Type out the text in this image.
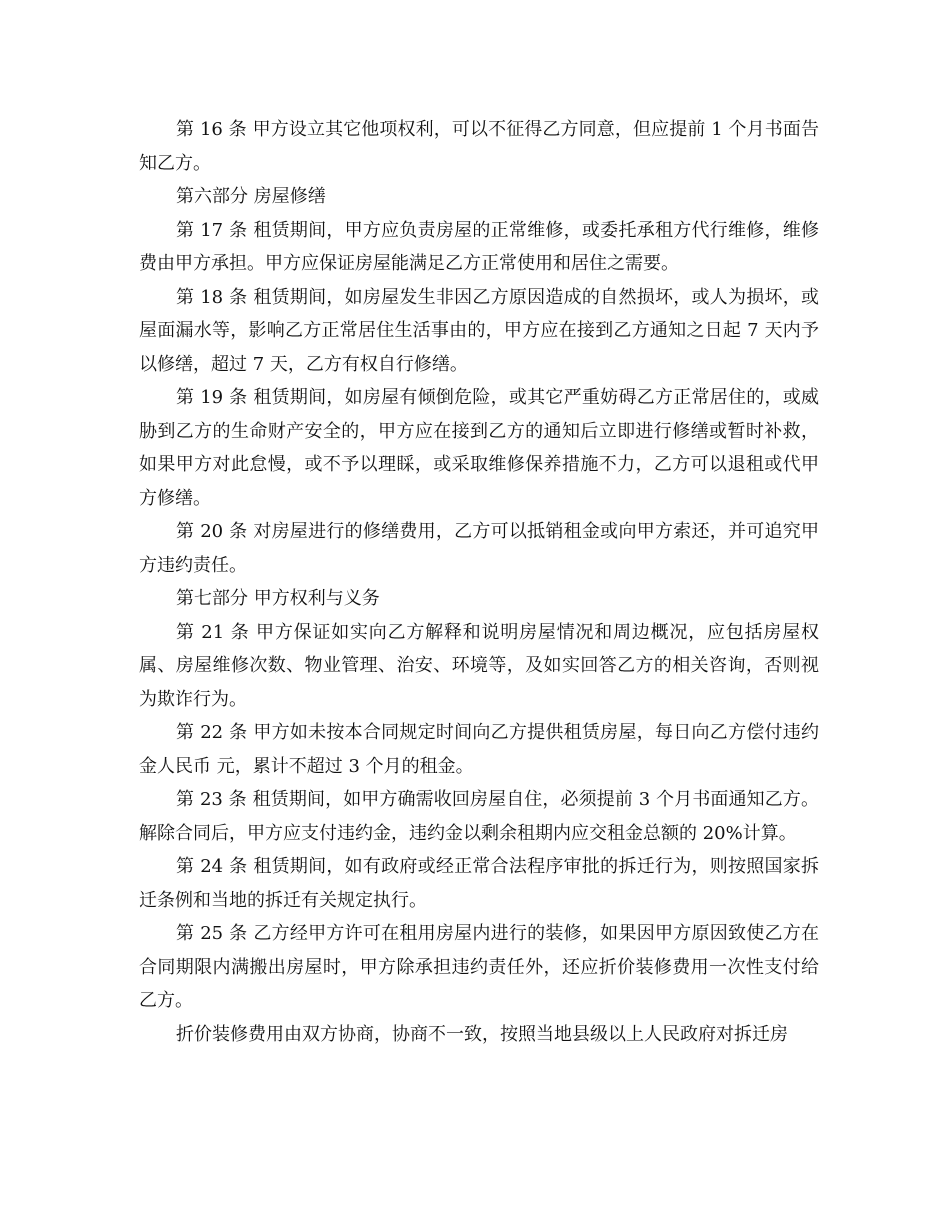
第 16 条 甲方设立其它他项权利，可以不征得乙方同意，但应提前 1 个月书面告知乙方。

第六部分 房屋修缮

第 17 条 租赁期间，甲方应负责房屋的正常维修，或委托承租方代行维修，维修费由甲方承担。甲方应保证房屋能满足乙方正常使用和居住之需要。

第 18 条 租赁期间，如房屋发生非因乙方原因造成的自然损坏，或人为损坏，或屋面漏水等，影响乙方正常居住生活事由的，甲方应在接到乙方通知之日起 7 天内予以修缮，超过 7 天，乙方有权自行修缮。

第 19 条 租赁期间，如房屋有倾倒危险，或其它严重妨碍乙方正常居住的，或威胁到乙方的生命财产安全的，甲方应在接到乙方的通知后立即进行修缮或暂时补救，如果甲方对此怠慢，或不予以理睬，或采取维修保养措施不力，乙方可以退租或代甲方修缮。

第 20 条 对房屋进行的修缮费用，乙方可以抵销租金或向甲方索还，并可追究甲方违约责任。

第七部分 甲方权利与义务

第 21 条 甲方保证如实向乙方解释和说明房屋情况和周边概况，应包括房屋权属、房屋维修次数、物业管理、治安、环境等，及如实回答乙方的相关咨询，否则视为欺诈行为。

第 22 条 甲方如未按本合同规定时间向乙方提供租赁房屋，每日向乙方偿付违约金人民币 元，累计不超过 3 个月的租金。

第 23 条 租赁期间，如甲方确需收回房屋自住，必须提前 3 个月书面通知乙方。解除合同后，甲方应支付违约金，违约金以剩余租期内应交租金总额的 20%计算。

第 24 条 租赁期间，如有政府或经正常合法程序审批的拆迁行为，则按照国家拆迁条例和当地的拆迁有关规定执行。

第 25 条 乙方经甲方许可在租用房屋内进行的装修，如果因甲方原因致使乙方在合同期限内满搬出房屋时，甲方除承担违约责任外，还应折价装修费用一次性支付给乙方。

折价装修费用由双方协商，协商不一致，按照当地县级以上人民政府对拆迁房
